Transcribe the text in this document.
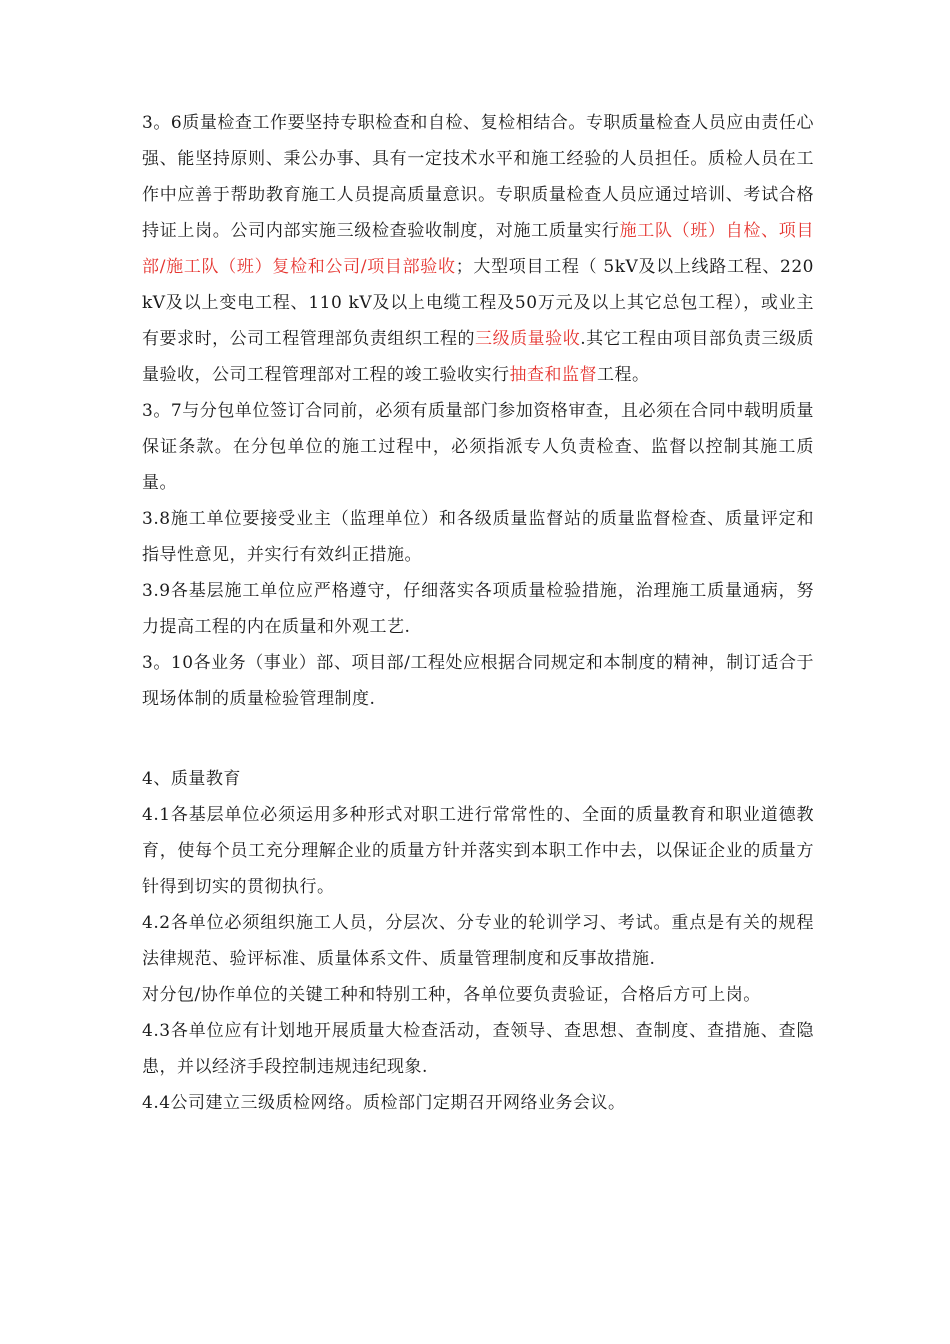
3。6质量检查工作要坚持专职检查和自检、复检相结合。专职质量检查人员应由责任心强、能坚持原则、秉公办事、具有一定技术水平和施工经验的人员担任。质检人员在工作中应善于帮助教育施工人员提高质量意识。专职质量检查人员应通过培训、考试合格持证上岗。公司内部实施三级检查验收制度，对施工质量实行施工队（班）自检、项目部/施工队（班）复检和公司/项目部验收；大型项目工程（ 5kV及以上线路工程、220 kV及以上变电工程、110 kV及以上电缆工程及50万元及以上其它总包工程），或业主有要求时，公司工程管理部负责组织工程的三级质量验收.其它工程由项目部负责三级质量验收，公司工程管理部对工程的竣工验收实行抽查和监督工程。

3。7与分包单位签订合同前，必须有质量部门参加资格审查，且必须在合同中载明质量保证条款。在分包单位的施工过程中，必须指派专人负责检查、监督以控制其施工质量。

3.8施工单位要接受业主（监理单位）和各级质量监督站的质量监督检查、质量评定和指导性意见，并实行有效纠正措施。

3.9各基层施工单位应严格遵守，仔细落实各项质量检验措施，治理施工质量通病，努力提高工程的内在质量和外观工艺.

3。10各业务（事业）部、项目部/工程处应根据合同规定和本制度的精神，制订适合于现场体制的质量检验管理制度.

4、质量教育

4.1各基层单位必须运用多种形式对职工进行常常性的、全面的质量教育和职业道德教育，使每个员工充分理解企业的质量方针并落实到本职工作中去，以保证企业的质量方针得到切实的贯彻执行。

4.2各单位必须组织施工人员，分层次、分专业的轮训学习、考试。重点是有关的规程法律规范、验评标准、质量体系文件、质量管理制度和反事故措施.

对分包/协作单位的关键工种和特别工种，各单位要负责验证，合格后方可上岗。

4.3各单位应有计划地开展质量大检查活动，查领导、查思想、查制度、查措施、查隐患，并以经济手段控制违规违纪现象.

4.4公司建立三级质检网络。质检部门定期召开网络业务会议。
